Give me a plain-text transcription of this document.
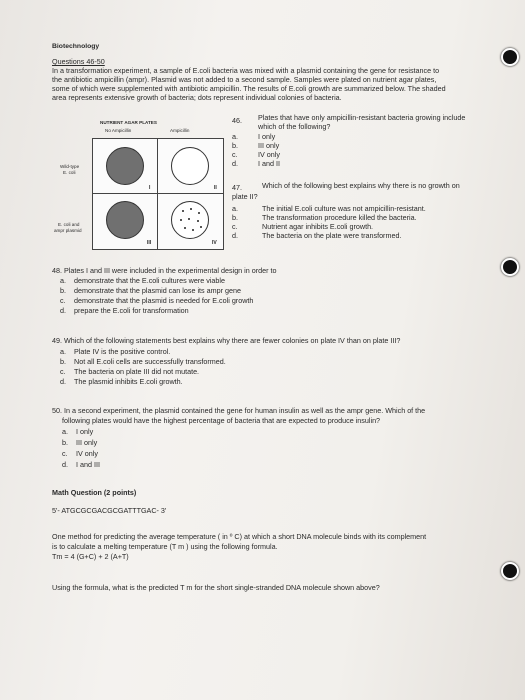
Biotechnology
Questions 46-50
In a transformation experiment, a sample of E.coli bacteria was mixed with a plasmid containing the gene for resistance to
the antibiotic ampicillin (ampr). Plasmid was not added to a second sample. Samples were plated on nutrient agar plates,
some of which were supplemented with antibiotic ampicillin. The results of E.coli growth are summarized below. The shaded
area represents extensive growth of bacteria; dots represent individual colonies of bacteria.
NUTRIENT AGAR PLATES
No Ampicillin	Ampicillin
Wild-type
E. coli
E. coli and
ampr plasmid
I	II
III	IV
46. Plates that have only ampicillin-resistant bacteria growing include
which of the following?
a.	I only
b.	III only
c.	IV only
d.	I and II
47.	Which of the following best explains why there is no growth on
plate II?
a.	The initial E.coli culture was not ampicillin-resistant.
b.	The transformation procedure killed the bacteria.
c.	Nutrient agar inhibits E.coli growth.
d.	The bacteria on the plate were transformed.
48. Plates I and III were included in the experimental design in order to
a. demonstrate that the E.coli cultures were viable
b. demonstrate that the plasmid can lose its ampr gene
c. demonstrate that the plasmid is needed for E.coli growth
d. prepare the E.coli for transformation
49. Which of the following statements best explains why there are fewer colonies on plate IV than on plate III?
a. Plate IV is the positive control.
b. Not all E.coli cells are successfully transformed.
c. The bacteria on plate III did not mutate.
d. The plasmid inhibits E.coli growth.
50. In a second experiment, the plasmid contained the gene for human insulin as well as the ampr gene. Which of the
following plates would have the highest percentage of bacteria that are expected to produce insulin?
a. I only
b. III only
c. IV only
d. I and III
Math Question (2 points)
5'- ATGCGCGACGCGATTTGAC- 3'
One method for predicting the average temperature ( in º C) at which a short DNA molecule binds with its complement
is to calculate a melting temperature (T m ) using the following formula.
Tm = 4 (G+C) + 2 (A+T)
Using the formula, what is the predicted T m for the short single-stranded DNA molecule shown above?
